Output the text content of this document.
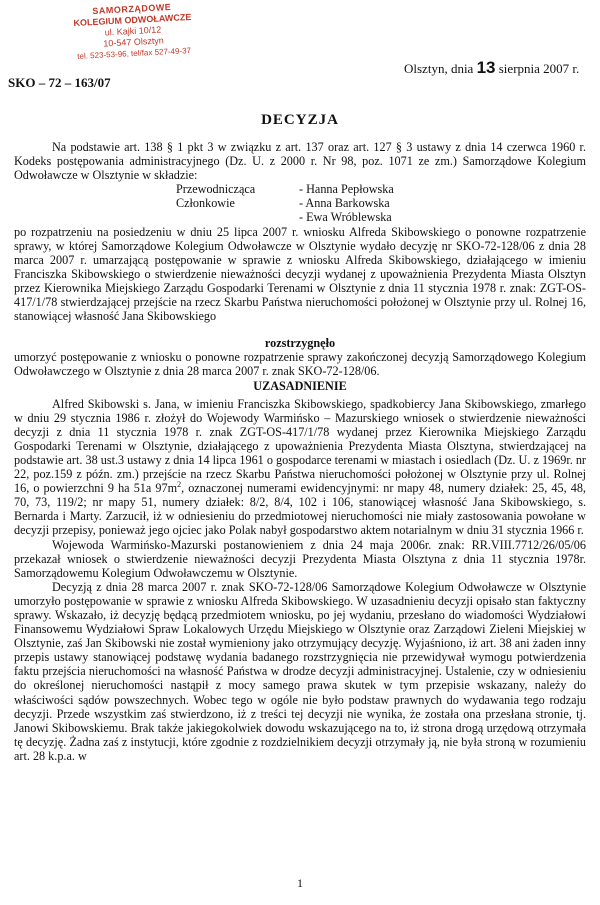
SAMORZĄDOWE
KOLEGIUM ODWOŁAWCZE
ul. Kajki 10/12
10-547 Olsztyn
tel. 523-53-96, tel/fax 527-49-37
SKO – 72 – 163/07
Olsztyn, dnia 13 sierpnia 2007 r.
DECYZJA

Na podstawie art. 138 § 1 pkt 3 w związku z art. 137 oraz art. 127 § 3 ustawy z dnia 14 czerwca 1960 r. Kodeks postępowania administracyjnego (Dz. U. z 2000 r. Nr 98, poz. 1071 ze zm.) Samorządowe Kolegium Odwoławcze w Olsztynie w składzie:

Przewodnicząca	- Hanna Pepłowska
Członkowie	- Anna Barkowska
- Ewa Wróblewska

po rozpatrzeniu na posiedzeniu w dniu 25 lipca 2007 r. wniosku Alfreda Skibowskiego o ponowne rozpatrzenie sprawy, w której Samorządowe Kolegium Odwoławcze w Olsztynie wydało decyzję nr SKO-72-128/06 z dnia 28 marca 2007 r. umarzającą postępowanie w sprawie z wniosku Alfreda Skibowskiego, działającego w imieniu Franciszka Skibowskiego o stwierdzenie nieważności decyzji wydanej z upoważnienia Prezydenta Miasta Olsztyn przez Kierownika Miejskiego Zarządu Gospodarki Terenami w Olsztynie z dnia 11 stycznia 1978 r. znak: ZGT-OS-417/1/78 stwierdzającej przejście na rzecz Skarbu Państwa nieruchomości położonej w Olsztynie przy ul. Rolnej 16, stanowiącej własność Jana Skibowskiego

rozstrzygnęło

umorzyć postępowanie z wniosku o ponowne rozpatrzenie sprawy zakończonej decyzją Samorządowego Kolegium Odwoławczego w Olsztynie z dnia 28 marca 2007 r. znak SKO-72-128/06.

UZASADNIENIE

Alfred Skibowski s. Jana, w imieniu Franciszka Skibowskiego, spadkobiercy Jana Skibowskiego, zmarłego w dniu 29 stycznia 1986 r. złożył do Wojewody Warmińsko – Mazurskiego wniosek o stwierdzenie nieważności decyzji z dnia 11 stycznia 1978 r. znak ZGT-OS-417/1/78 wydanej przez Kierownika Miejskiego Zarządu Gospodarki Terenami w Olsztynie, działającego z upoważnienia Prezydenta Miasta Olsztyna, stwierdzającej na podstawie art. 38 ust.3 ustawy z dnia 14 lipca 1961 o gospodarce terenami w miastach i osiedlach (Dz. U. z 1969r. nr 22, poz.159 z późn. zm.) przejście na rzecz Skarbu Państwa nieruchomości położonej w Olsztynie przy ul. Rolnej 16, o powierzchni 9 ha 51a $97m^2$, oznaczonej numerami ewidencyjnymi: nr mapy 48, numery działek: 25, 45, 48, 70, 73, 119/2; nr mapy 51, numery działek: 8/2, 8/4, 102 i 106, stanowiącej własność Jana Skibowskiego, s. Bernarda i Marty. Zarzucił, iż w odniesieniu do przedmiotowej nieruchomości nie miały zastosowania powołane w decyzji przepisy, ponieważ jego ojciec jako Polak nabył gospodarstwo aktem notarialnym w dniu 31 stycznia 1966 r.

Wojewoda Warmińsko-Mazurski postanowieniem z dnia 24 maja 2006r. znak: RR.VIII.7712/26/05/06 przekazał wniosek o stwierdzenie nieważności decyzji Prezydenta Miasta Olsztyna z dnia 11 stycznia 1978r. Samorządowemu Kolegium Odwoławczemu w Olsztynie.

Decyzją z dnia 28 marca 2007 r. znak SKO-72-128/06 Samorządowe Kolegium Odwoławcze w Olsztynie umorzyło postępowanie w sprawie z wniosku Alfreda Skibowskiego. W uzasadnieniu decyzji opisało stan faktyczny sprawy. Wskazało, iż decyzję będącą przedmiotem wniosku, po jej wydaniu, przesłano do wiadomości Wydziałowi Finansowemu Wydziałowi Spraw Lokalowych Urzędu Miejskiego w Olsztynie oraz Zarządowi Zieleni Miejskiej w Olsztynie, zaś Jan Skibowski nie został wymieniony jako otrzymujący decyzję. Wyjaśniono, iż art. 38 ani żaden inny przepis ustawy stanowiącej podstawę wydania badanego rozstrzygnięcia nie przewidywał wymogu potwierdzenia faktu przejścia nieruchomości na własność Państwa w drodze decyzji administracyjnej. Ustalenie, czy w odniesieniu do określonej nieruchomości nastąpił z mocy samego prawa skutek w tym przepisie wskazany, należy do właściwości sądów powszechnych. Wobec tego w ogóle nie było podstaw prawnych do wydawania tego rodzaju decyzji. Przede wszystkim zaś stwierdzono, iż z treści tej decyzji nie wynika, że została ona przesłana stronie, tj. Janowi Skibowskiemu. Brak także jakiegokolwiek dowodu wskazującego na to, iż strona drogą urzędową otrzymała tę decyzję. Żadna zaś z instytucji, które zgodnie z rozdzielnikiem decyzji otrzymały ją, nie była stroną w rozumieniu art. 28 k.p.a. w

1
